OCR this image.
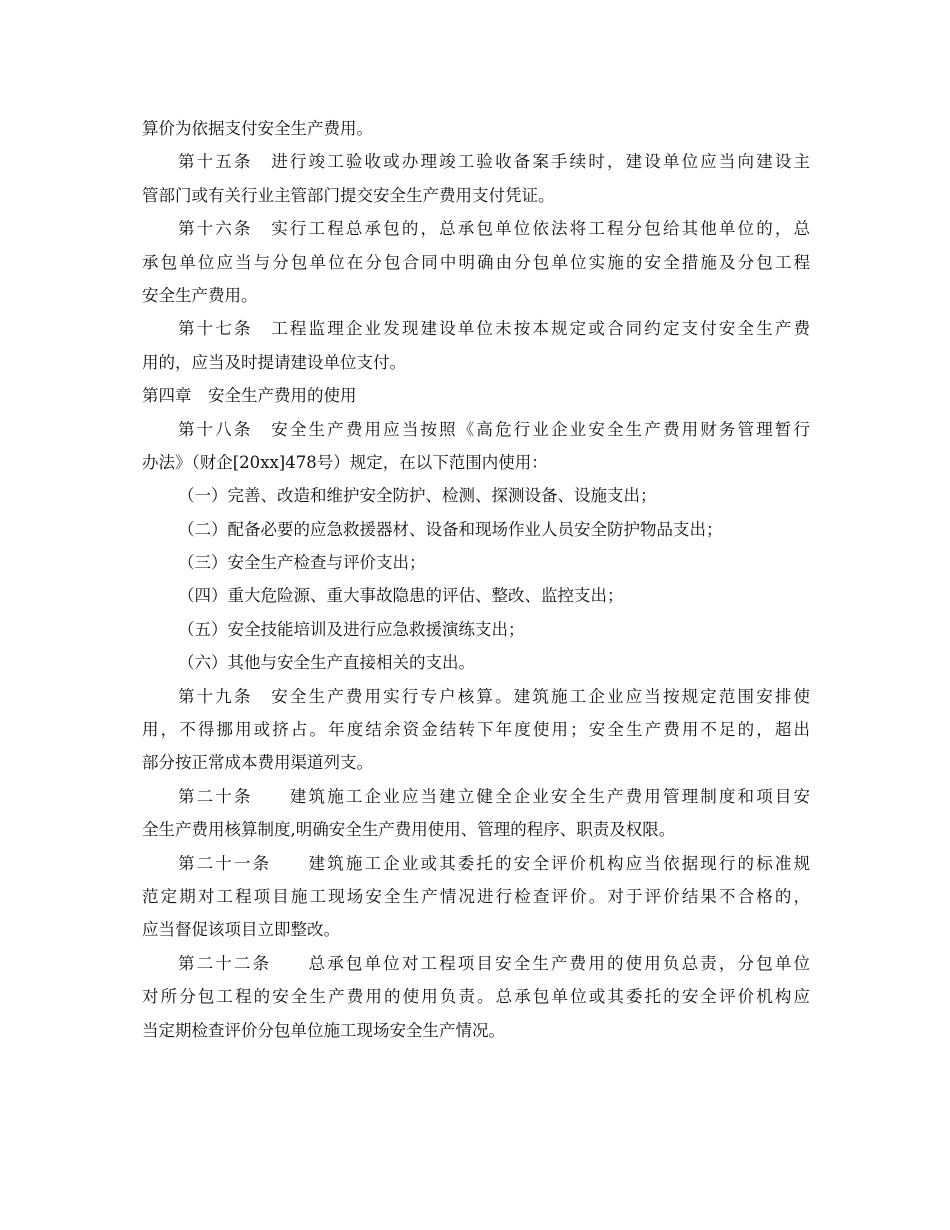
算价为依据支付安全生产费用。
第十五条　进行竣工验收或办理竣工验收备案手续时，建设单位应当向建设主
管部门或有关行业主管部门提交安全生产费用支付凭证。
第十六条　实行工程总承包的，总承包单位依法将工程分包给其他单位的，总
承包单位应当与分包单位在分包合同中明确由分包单位实施的安全措施及分包工程
安全生产费用。
第十七条　工程监理企业发现建设单位未按本规定或合同约定支付安全生产费
用的，应当及时提请建设单位支付。
第四章　安全生产费用的使用
第十八条　安全生产费用应当按照《高危行业企业安全生产费用财务管理暂行
办法》（财企[20xx]478号）规定，在以下范围内使用：
（一）完善、改造和维护安全防护、检测、探测设备、设施支出；
（二）配备必要的应急救援器材、设备和现场作业人员安全防护物品支出；
（三）安全生产检查与评价支出；
（四）重大危险源、重大事故隐患的评估、整改、监控支出；
（五）安全技能培训及进行应急救援演练支出；
（六）其他与安全生产直接相关的支出。
第十九条　安全生产费用实行专户核算。建筑施工企业应当按规定范围安排使
用，不得挪用或挤占。年度结余资金结转下年度使用；安全生产费用不足的，超出
部分按正常成本费用渠道列支。
第二十条　　建筑施工企业应当建立健全企业安全生产费用管理制度和项目安
全生产费用核算制度,明确安全生产费用使用、管理的程序、职责及权限。
第二十一条　　建筑施工企业或其委托的安全评价机构应当依据现行的标准规
范定期对工程项目施工现场安全生产情况进行检查评价。对于评价结果不合格的，
应当督促该项目立即整改。
第二十二条　　总承包单位对工程项目安全生产费用的使用负总责，分包单位
对所分包工程的安全生产费用的使用负责。总承包单位或其委托的安全评价机构应
当定期检查评价分包单位施工现场安全生产情况。
